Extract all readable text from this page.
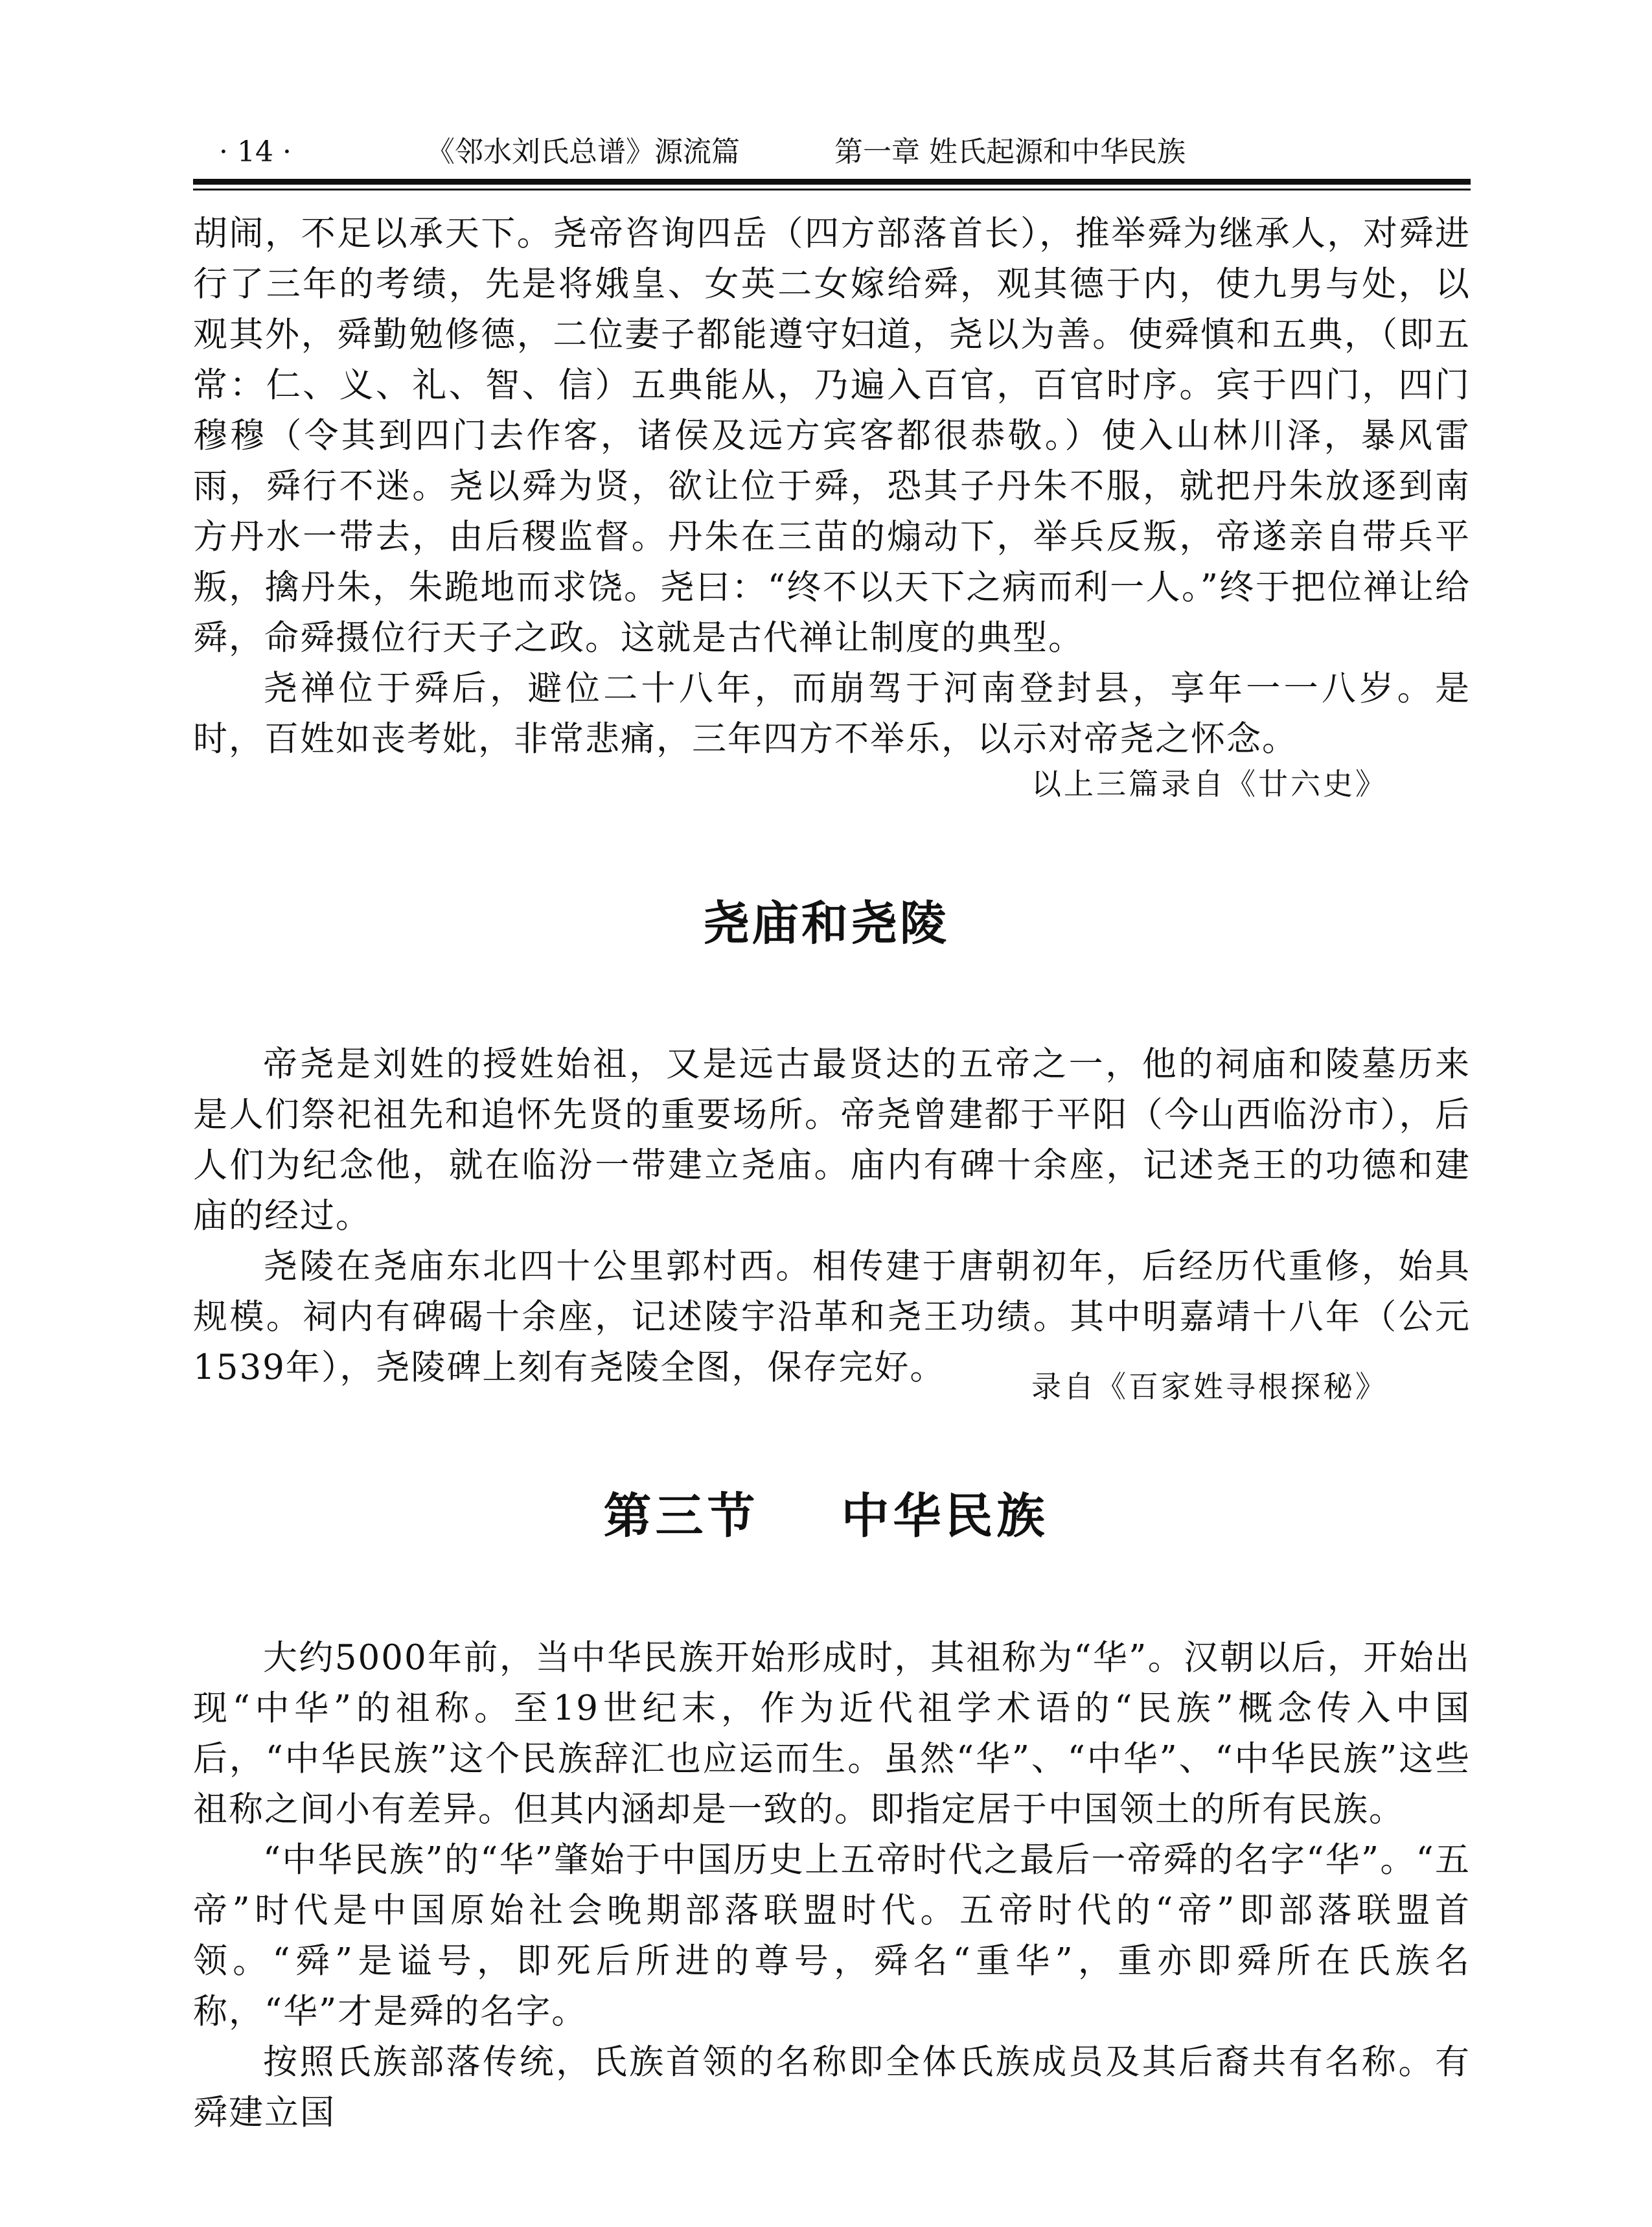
· 14 ·	《邻水刘氏总谱》源流篇	第一章 姓氏起源和中华民族

胡闹，不足以承天下。尧帝咨询四岳（四方部落首长），推举舜为继承人，对舜进行了三年的考绩，先是将娥皇、女英二女嫁给舜，观其德于内，使九男与处，以观其外，舜勤勉修德，二位妻子都能遵守妇道，尧以为善。使舜慎和五典，（即五常：仁、义、礼、智、信）五典能从，乃遍入百官，百官时序。宾于四门，四门穆穆（令其到四门去作客，诸侯及远方宾客都很恭敬。）使入山林川泽，暴风雷雨，舜行不迷。尧以舜为贤，欲让位于舜，恐其子丹朱不服，就把丹朱放逐到南方丹水一带去，由后稷监督。丹朱在三苗的煽动下，举兵反叛，帝遂亲自带兵平叛，擒丹朱，朱跪地而求饶。尧曰：“终不以天下之病而利一人。”终于把位禅让给舜，命舜摄位行天子之政。这就是古代禅让制度的典型。

尧禅位于舜后，避位二十八年，而崩驾于河南登封县，享年一一八岁。是时，百姓如丧考妣，非常悲痛，三年四方不举乐，以示对帝尧之怀念。

以上三篇录自《廿六史》
尧庙和尧陵

帝尧是刘姓的授姓始祖，又是远古最贤达的五帝之一，他的祠庙和陵墓历来是人们祭祀祖先和追怀先贤的重要场所。帝尧曾建都于平阳（今山西临汾市），后人们为纪念他，就在临汾一带建立尧庙。庙内有碑十余座，记述尧王的功德和建庙的经过。

尧陵在尧庙东北四十公里郭村西。相传建于唐朝初年，后经历代重修，始具规模。祠内有碑碣十余座，记述陵宇沿革和尧王功绩。其中明嘉靖十八年（公元1539年），尧陵碑上刻有尧陵全图，保存完好。	录自《百家姓寻根探秘》
第三节    中华民族

大约5000年前，当中华民族开始形成时，其祖称为“华”。汉朝以后，开始出现“中华”的祖称。至19世纪末，作为近代祖学术语的“民族”概念传入中国后，“中华民族”这个民族辞汇也应运而生。虽然“华”、“中华”、“中华民族”这些祖称之间小有差异。但其内涵却是一致的。即指定居于中国领土的所有民族。

“中华民族”的“华”肇始于中国历史上五帝时代之最后一帝舜的名字“华”。“五帝”时代是中国原始社会晚期部落联盟时代。五帝时代的“帝”即部落联盟首领。“舜”是谥号，即死后所进的尊号，舜名“重华”，重亦即舜所在氏族名称，“华”才是舜的名字。

按照氏族部落传统，氏族首领的名称即全体氏族成员及其后裔共有名称。有舜建立国
